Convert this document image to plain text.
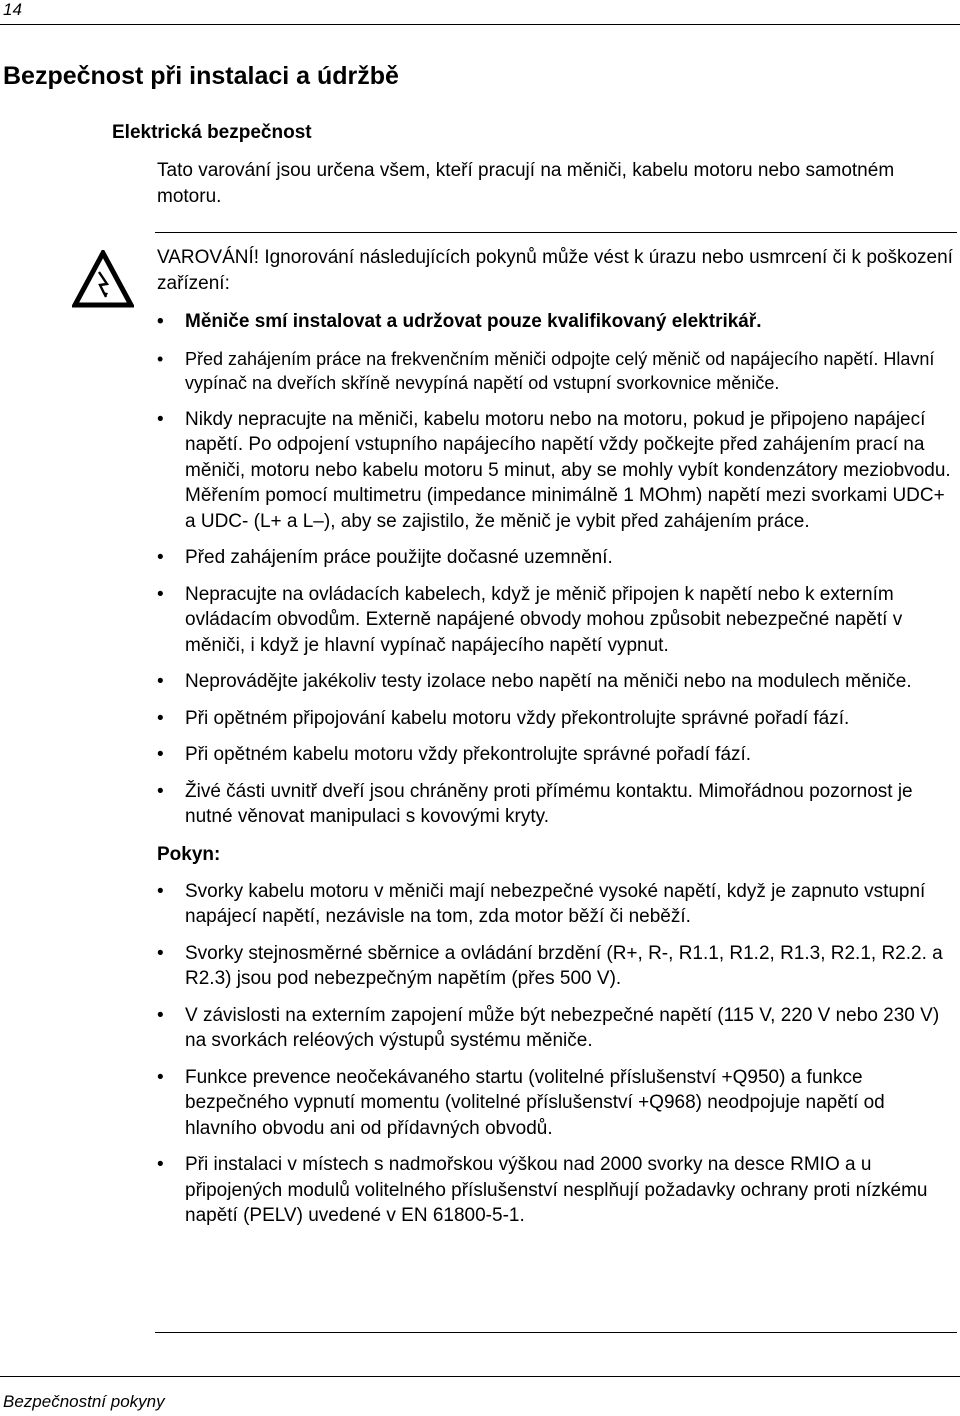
14
Bezpečnost při instalaci a údržbě
Elektrická bezpečnost

Tato varování jsou určena všem, kteří pracují na měniči, kabelu motoru nebo samotném motoru.

VAROVÁNÍ! Ignorování následujících pokynů může vést k úrazu nebo usmrcení či k poškození zařízení:

• Měniče smí instalovat a udržovat pouze kvalifikovaný elektrikář.
• Před zahájením práce na frekvenčním měniči odpojte celý měnič od napájecího napětí. Hlavní vypínač na dveřích skříně nevypíná napětí od vstupní svorkovnice měniče.
• Nikdy nepracujte na měniči, kabelu motoru nebo na motoru, pokud je připojeno napájecí napětí. Po odpojení vstupního napájecího napětí vždy počkejte před zahájením prací na měniči, motoru nebo kabelu motoru 5 minut, aby se mohly vybít kondenzátory meziobvodu. Měřením pomocí multimetru (impedance minimálně 1 MOhm) napětí mezi svorkami UDC+ a UDC- (L+ a L–), aby se zajistilo, že měnič je vybit před zahájením práce.
• Před zahájením práce použijte dočasné uzemnění.
• Nepracujte na ovládacích kabelech, když je měnič připojen k napětí nebo k externím ovládacím obvodům. Externě napájené obvody mohou způsobit nebezpečné napětí v měniči, i když je hlavní vypínač napájecího napětí vypnut.
• Neprovádějte jakékoliv testy izolace nebo napětí na měniči nebo na modulech měniče.
• Při opětném připojování kabelu motoru vždy překontrolujte správné pořadí fází.
• Při opětném kabelu motoru vždy překontrolujte správné pořadí fází.
• Živé části uvnitř dveří jsou chráněny proti přímému kontaktu. Mimořádnou pozornost je nutné věnovat manipulaci s kovovými kryty.

Pokyn:

• Svorky kabelu motoru v měniči mají nebezpečné vysoké napětí, když je zapnuto vstupní napájecí napětí, nezávisle na tom, zda motor běží či neběží.
• Svorky stejnosměrné sběrnice a ovládání brzdění (R+, R-, R1.1, R1.2, R1.3, R2.1, R2.2. a R2.3) jsou pod nebezpečným napětím (přes 500 V).
• V závislosti na externím zapojení může být nebezpečné napětí (115 V, 220 V nebo 230 V) na svorkách reléových výstupů systému měniče.
• Funkce prevence neočekávaného startu (volitelné příslušenství +Q950) a funkce bezpečného vypnutí momentu (volitelné příslušenství +Q968) neodpojuje napětí od hlavního obvodu ani od přídavných obvodů.
• Při instalaci v místech s nadmořskou výškou nad 2000 svorky na desce RMIO a u připojených modulů volitelného příslušenství nesplňují požadavky ochrany proti nízkému napětí (PELV) uvedené v EN 61800-5-1.
Bezpečnostní pokyny
